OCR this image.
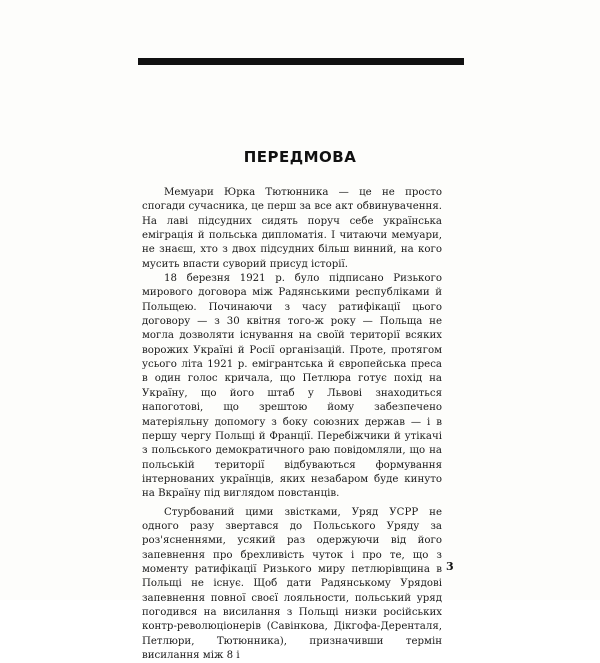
ПЕРЕДМОВА

Мемуари Юрка Тютюнника — це не просто спогади сучасника, це перш за все акт обвинувачення. На лаві підсудних сидять поруч себе українська еміграція й польська дипломатія. І читаючи мемуари, не знаєш, хто з двох підсудних більш винний, на кого мусить впасти суворий присуд історії.

18 березня 1921 р. було підписано Ризького мирового договора між Радянськими республіками й Польщею. Починаючи з часу ратифікації цього договору — з 30 квітня того-ж року — Польща не могла дозволяти існування на своїй території всяких ворожих Україні й Росії організацій. Проте, протягом усього літа 1921 р. емігрантська й європейська преса в один голос кричала, що Петлюра готує похід на Україну, що його штаб у Львові знаходиться напоготові, що зрештою йому забезпечено матеріяльну допомогу з боку союзних держав — і в першу чергу Польщі й Франції. Перебіжчики й утікачі з польського демократичного раю повідомляли, що на польській території відбуваються формування інтернованих українців, яких незабаром буде кинуто на Вкраїну під виглядом повстанців.

Стурбований цими звістками, Уряд УСРР не одного разу звертався до Польського Уряду за роз'ясненнями, усякий раз одержуючи від його запевнення про брехливість чуток і про те, що з моменту ратифікації Ризького миру петлюрівщина в Польщі не існує. Щоб дати Радянському Урядові запевнення повної своєї лояльности, польський уряд погодився на висилання з Польщі низки російських контр-революціонерів (Савінкова, Дікгофа-Деренталя, Петлюри, Тютюнника), призначивши термін висилання між 8 і

3
